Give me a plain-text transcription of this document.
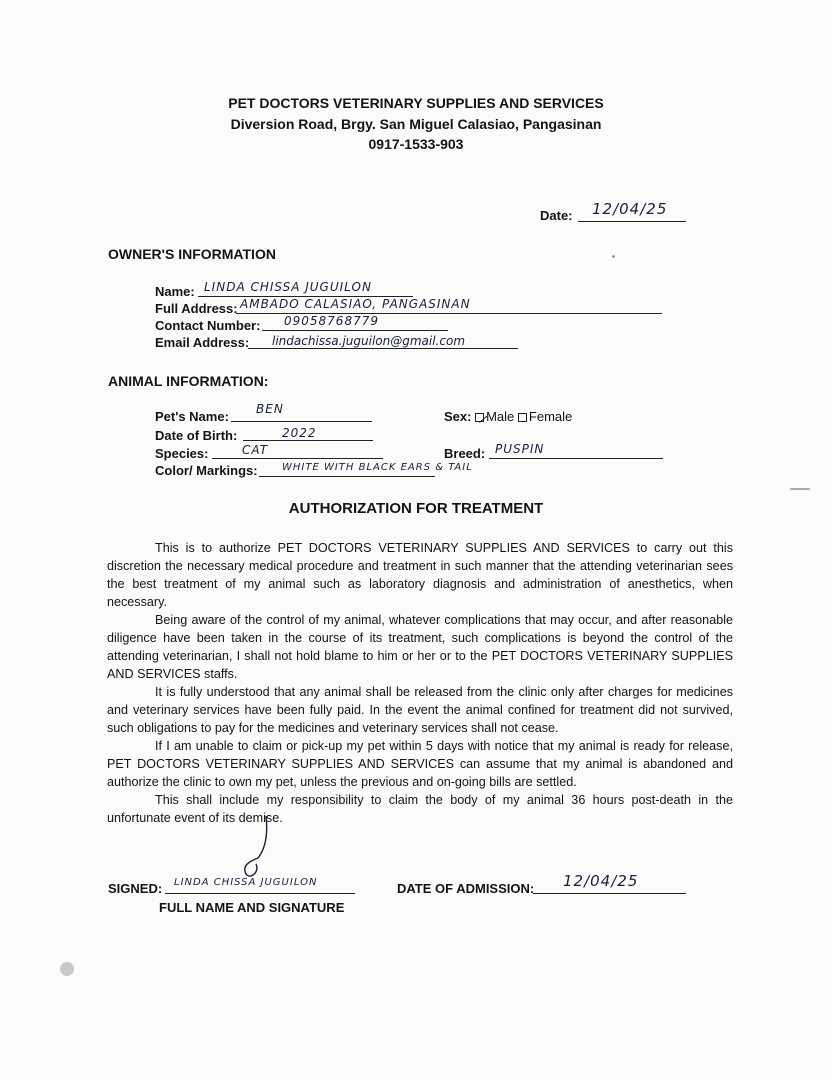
PET DOCTORS VETERINARY SUPPLIES AND SERVICES
Diversion Road, Brgy. San Miguel Calasiao, Pangasinan
0917-1533-903
Date: 12/04/25
OWNER'S INFORMATION
Name: LINDA CHISSA JUGUILON
Full Address: AMBADO CALASIAO, PANGASINAN
Contact Number: 09058768779
Email Address: lindachissa.juguilon@gmail.com
ANIMAL INFORMATION:
Pet's Name: BEN
Date of Birth:	2022
Species:	CAT
Color/ Markings: WHITE WITH BLACK EARS & TAIL
Sex: Male Female
Breed: PUSPIN
AUTHORIZATION FOR TREATMENT

This is to authorize PET DOCTORS VETERINARY SUPPLIES AND SERVICES to carry out this discretion the necessary medical procedure and treatment in such manner that the attending veterinarian sees the best treatment of my animal such as laboratory diagnosis and administration of anesthetics, when necessary.

Being aware of the control of my animal, whatever complications that may occur, and after reasonable diligence have been taken in the course of its treatment, such complications is beyond the control of the attending veterinarian, I shall not hold blame to him or her or to the PET DOCTORS VETERINARY SUPPLIES AND SERVICES staffs.

It is fully understood that any animal shall be released from the clinic only after charges for medicines and veterinary services have been fully paid. In the event the animal confined for treatment did not survived, such obligations to pay for the medicines and veterinary services shall not cease.

If I am unable to claim or pick-up my pet within 5 days with notice that my animal is ready for release, PET DOCTORS VETERINARY SUPPLIES AND SERVICES can assume that my animal is abandoned and authorize the clinic to own my pet, unless the previous and on-going bills are settled.

This shall include my responsibility to claim the body of my animal 36 hours post-death in the unfortunate event of its demise.

SIGNED: LINDA CHISSA JUGUILON
FULL NAME AND SIGNATURE
DATE OF ADMISSION: 12/04/25
